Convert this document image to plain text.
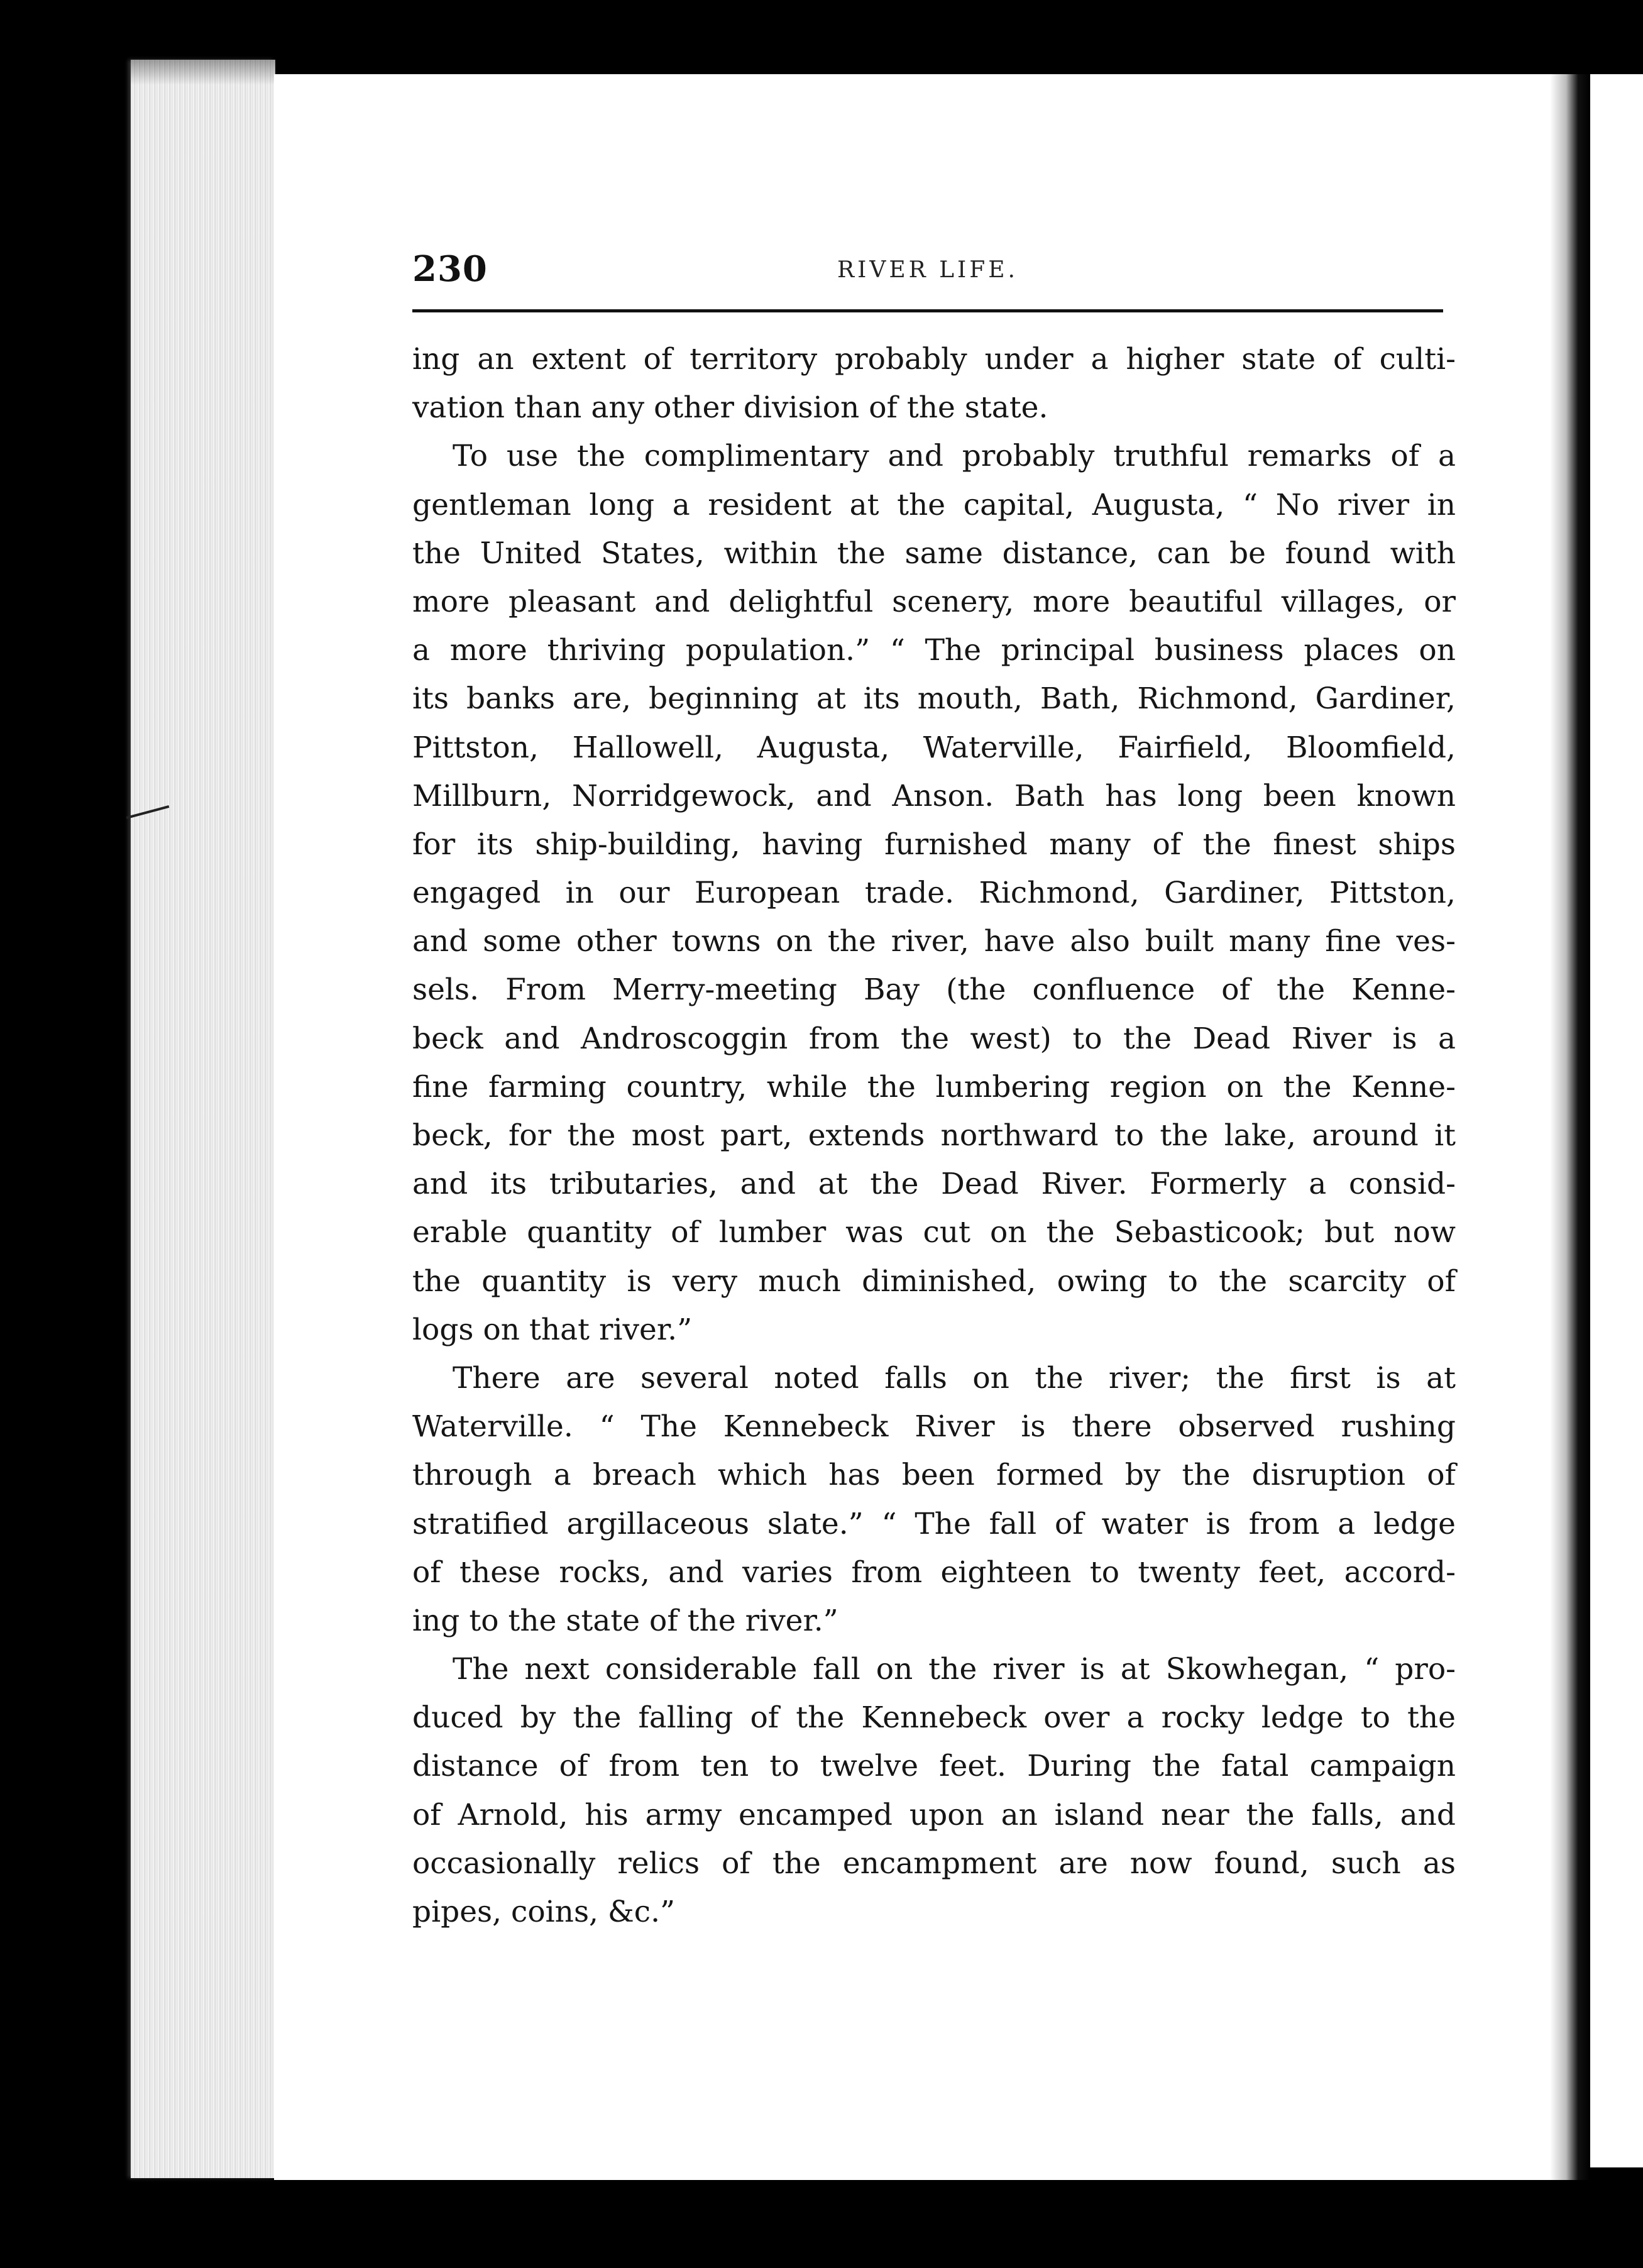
230	RIVER LIFE.
ing an extent of territory probably under a higher state of culti-
vation than any other division of the state.
To use the complimentary and probably truthful remarks of a
gentleman long a resident at the capital, Augusta, “ No river in
the United States, within the same distance, can be found with
more pleasant and delightful scenery, more beautiful villages, or
a more thriving population.” “ The principal business places on
its banks are, beginning at its mouth, Bath, Richmond, Gardiner,
Pittston, Hallowell, Augusta, Waterville, Fairfield, Bloomfield,
Millburn, Norridgewock, and Anson. Bath has long been known
for its ship-building, having furnished many of the finest ships
engaged in our European trade. Richmond, Gardiner, Pittston,
and some other towns on the river, have also built many fine ves-
sels. From Merry-meeting Bay (the confluence of the Kenne-
beck and Androscoggin from the west) to the Dead River is a
fine farming country, while the lumbering region on the Kenne-
beck, for the most part, extends northward to the lake, around it
and its tributaries, and at the Dead River. Formerly a consid-
erable quantity of lumber was cut on the Sebasticook; but now
the quantity is very much diminished, owing to the scarcity of
logs on that river.”
There are several noted falls on the river; the first is at
Waterville. “ The Kennebeck River is there observed rushing
through a breach which has been formed by the disruption of
stratified argillaceous slate.” “ The fall of water is from a ledge
of these rocks, and varies from eighteen to twenty feet, accord-
ing to the state of the river.”
The next considerable fall on the river is at Skowhegan, “ pro-
duced by the falling of the Kennebeck over a rocky ledge to the
distance of from ten to twelve feet. During the fatal campaign
of Arnold, his army encamped upon an island near the falls, and
occasionally relics of the encampment are now found, such as
pipes, coins, &c.”
